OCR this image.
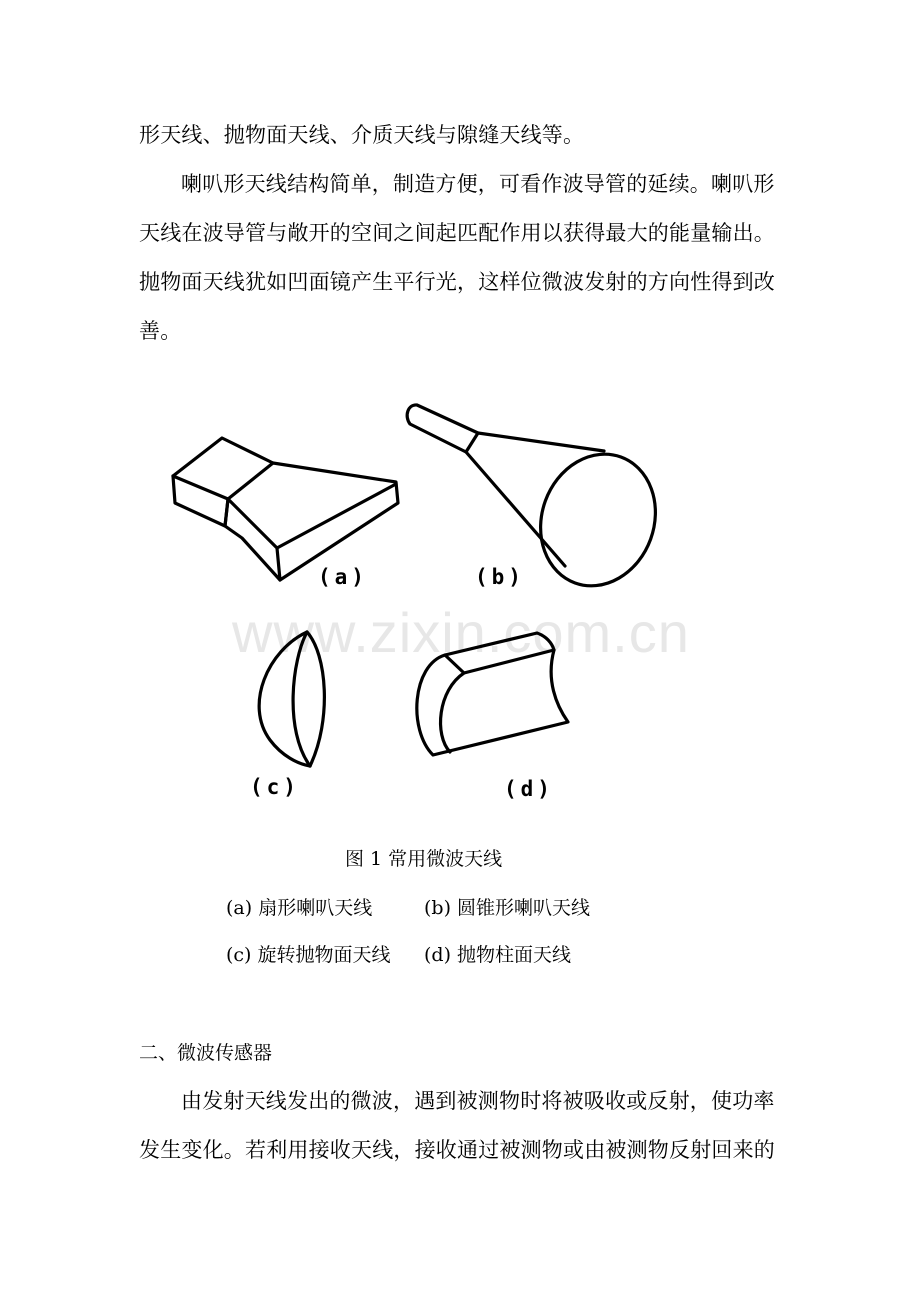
www.zixin.com.cn
形天线、抛物面天线、介质天线与隙缝天线等。
喇叭形天线结构简单，制造方便，可看作波导管的延续。喇叭形
天线在波导管与敞开的空间之间起匹配作用以获得最大的能量输出。
抛物面天线犹如凹面镜产生平行光，这样位微波发射的方向性得到改
善。
(a)	(b)
(c)	(d)
图 1 常用微波天线
(a) 扇形喇叭天线	(b) 圆锥形喇叭天线
(c) 旋转抛物面天线 (d) 抛物柱面天线
二、微波传感器
由发射天线发出的微波，遇到被测物时将被吸收或反射，使功率
发生变化。若利用接收天线，接收通过被测物或由被测物反射回来的
